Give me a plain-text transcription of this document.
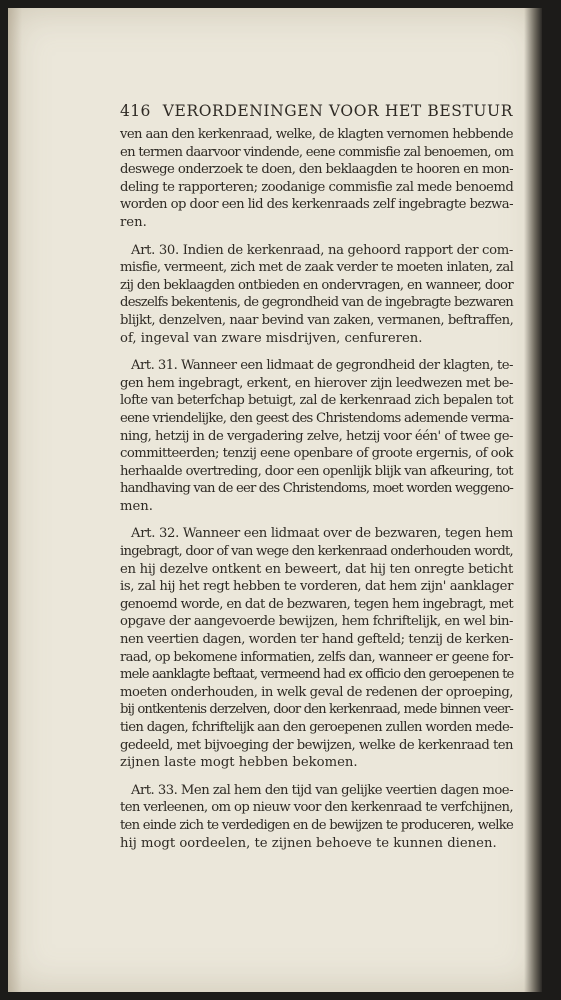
416 VERORDENINGEN VOOR HET BESTUUR
ven aan den kerkenraad, welke, de klagten vernomen hebbende
en termen daarvoor vindende, eene commisfie zal benoemen, om
deswege onderzoek te doen, den beklaagden te hooren en mon-
deling te rapporteren; zoodanige commisfie zal mede benoemd
worden op door een lid des kerkenraads zelf ingebragte bezwa-
ren.
Art. 30. Indien de kerkenraad, na gehoord rapport der com-
misfie, vermeent, zich met de zaak verder te moeten inlaten, zal
zij den beklaagden ontbieden en ondervragen, en wanneer, door
deszelfs bekentenis, de gegrondheid van de ingebragte bezwaren
blijkt, denzelven, naar bevind van zaken, vermanen, beftraffen,
of, ingeval van zware misdrijven, cenfureren.
Art. 31. Wanneer een lidmaat de gegrondheid der klagten, te-
gen hem ingebragt, erkent, en hierover zijn leedwezen met be-
lofte van beterfchap betuigt, zal de kerkenraad zich bepalen tot
eene vriendelijke, den geest des Christendoms ademende verma-
ning, hetzij in de vergadering zelve, hetzij voor één' of twee ge-
committeerden; tenzij eene openbare of groote ergernis, of ook
herhaalde overtreding, door een openlijk blijk van afkeuring, tot
handhaving van de eer des Christendoms, moet worden weggeno-
men.
Art. 32. Wanneer een lidmaat over de bezwaren, tegen hem
ingebragt, door of van wege den kerkenraad onderhouden wordt,
en hij dezelve ontkent en beweert, dat hij ten onregte beticht
is, zal hij het regt hebben te vorderen, dat hem zijn' aanklager
genoemd worde, en dat de bezwaren, tegen hem ingebragt, met
opgave der aangevoerde bewijzen, hem fchriftelijk, en wel bin-
nen veertien dagen, worden ter hand gefteld; tenzij de kerken-
raad, op bekomene informatien, zelfs dan, wanneer er geene for-
mele aanklagte beftaat, vermeend had ex officio den geroepenen te
moeten onderhouden, in welk geval de redenen der oproeping,
bij ontkentenis derzelven, door den kerkenraad, mede binnen veer-
tien dagen, fchriftelijk aan den geroepenen zullen worden mede-
gedeeld, met bijvoeging der bewijzen, welke de kerkenraad ten
zijnen laste mogt hebben bekomen.
Art. 33. Men zal hem den tijd van gelijke veertien dagen moe-
ten verleenen, om op nieuw voor den kerkenraad te verfchijnen,
ten einde zich te verdedigen en de bewijzen te produceren, welke
hij mogt oordeelen, te zijnen behoeve te kunnen dienen.
